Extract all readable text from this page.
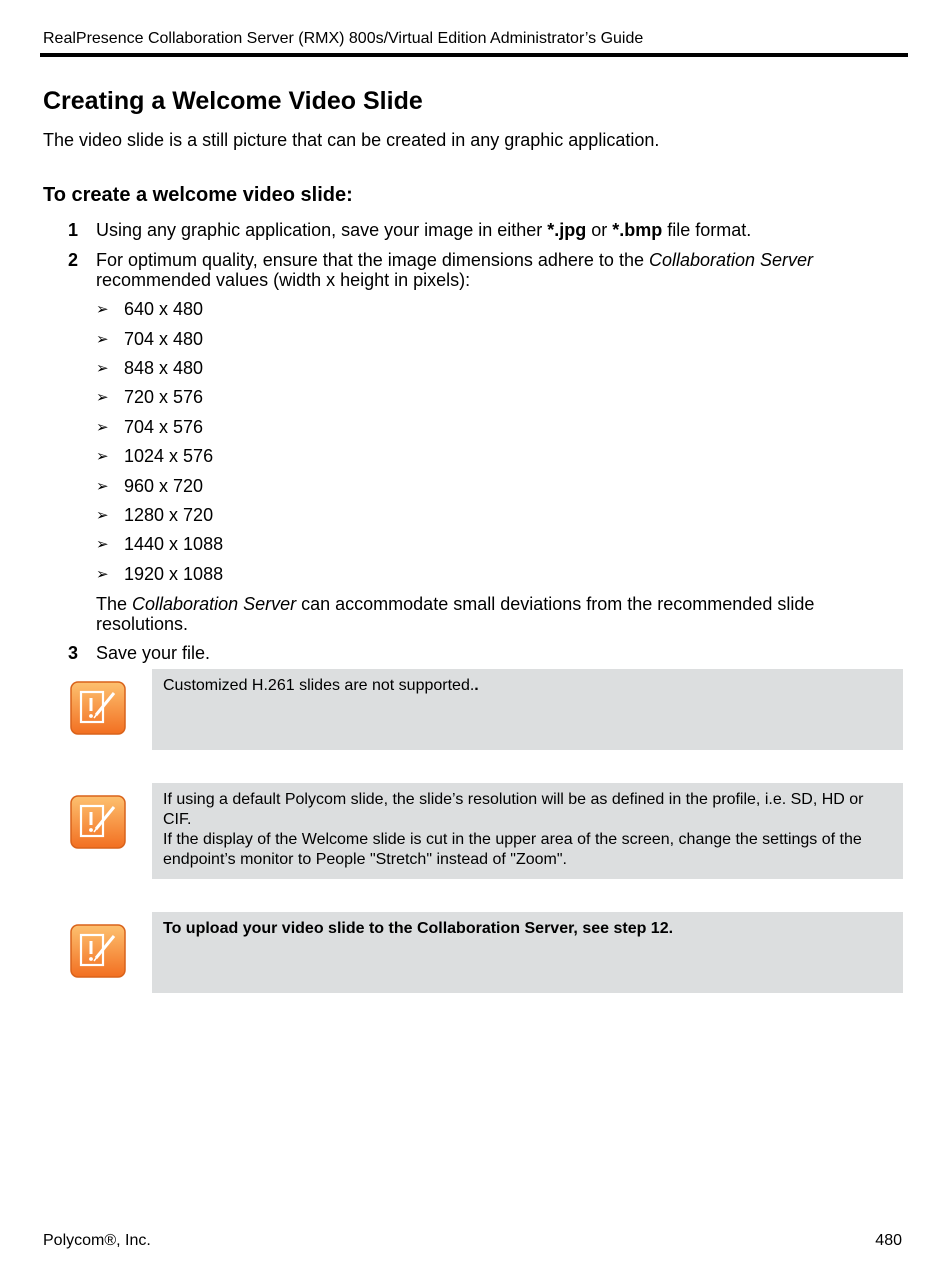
RealPresence Collaboration Server (RMX) 800s/Virtual Edition Administrator’s Guide
Creating a Welcome Video Slide

The video slide is a still picture that can be created in any graphic application.

To create a welcome video slide:
1 Using any graphic application, save your image in either *.jpg or *.bmp file format.
2 For optimum quality, ensure that the image dimensions adhere to the Collaboration Server recommended values (width x height in pixels):
➢ 640 x 480
➢ 704 x 480
➢ 848 x 480
➢ 720 x 576
➢ 704 x 576
➢ 1024 x 576
➢ 960 x 720
➢ 1280 x 720
➢ 1440 x 1088
➢ 1920 x 1088
The Collaboration Server can accommodate small deviations from the recommended slide resolutions.
3 Save your file.

Customized H.261 slides are not supported..

If using a default Polycom slide, the slide’s resolution will be as defined in the profile, i.e. SD, HD or CIF.

If the display of the Welcome slide is cut in the upper area of the screen, change the settings of the endpoint’s monitor to People "Stretch" instead of "Zoom".

To upload your video slide to the Collaboration Server, see step 12.

Polycom®, Inc.	480
